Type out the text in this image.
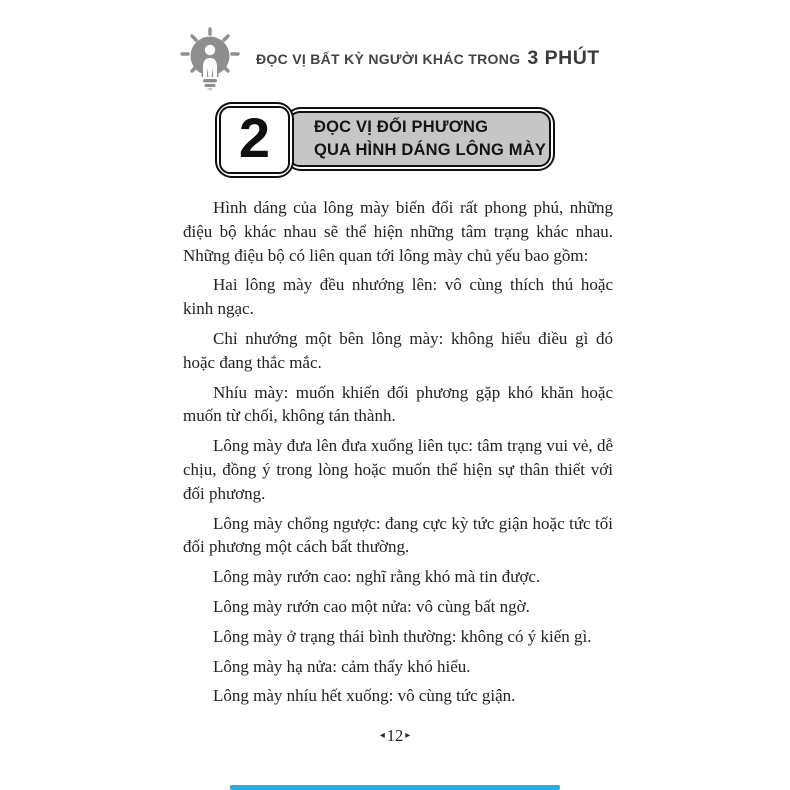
ĐỌC VỊ BẤT KỲ NGƯỜI KHÁC TRONG 3 PHÚT
ĐỌC VỊ ĐỐI PHƯƠNG
QUA HÌNH DÁNG LÔNG MÀY
2

Hình dáng của lông mày biến đổi rất phong phú, những điệu bộ khác nhau sẽ thể hiện những tâm trạng khác nhau. Những điệu bộ có liên quan tới lông mày chủ yếu bao gồm:

Hai lông mày đều nhướng lên: vô cùng thích thú hoặc kinh ngạc.

Chỉ nhướng một bên lông mày: không hiểu điều gì đó hoặc đang thắc mắc.

Nhíu mày: muốn khiến đối phương gặp khó khăn hoặc muốn từ chối, không tán thành.

Lông mày đưa lên đưa xuống liên tục: tâm trạng vui vẻ, dễ chịu, đồng ý trong lòng hoặc muốn thể hiện sự thân thiết với đối phương.

Lông mày chổng ngược: đang cực kỳ tức giận hoặc tức tối đối phương một cách bất thường.

Lông mày rướn cao: nghĩ rằng khó mà tin được.

Lông mày rướn cao một nửa: vô cùng bất ngờ.

Lông mày ở trạng thái bình thường: không có ý kiến gì.

Lông mày hạ nửa: cảm thấy khó hiểu.

Lông mày nhíu hết xuống: vô cùng tức giận.

◂ 12 ▸
